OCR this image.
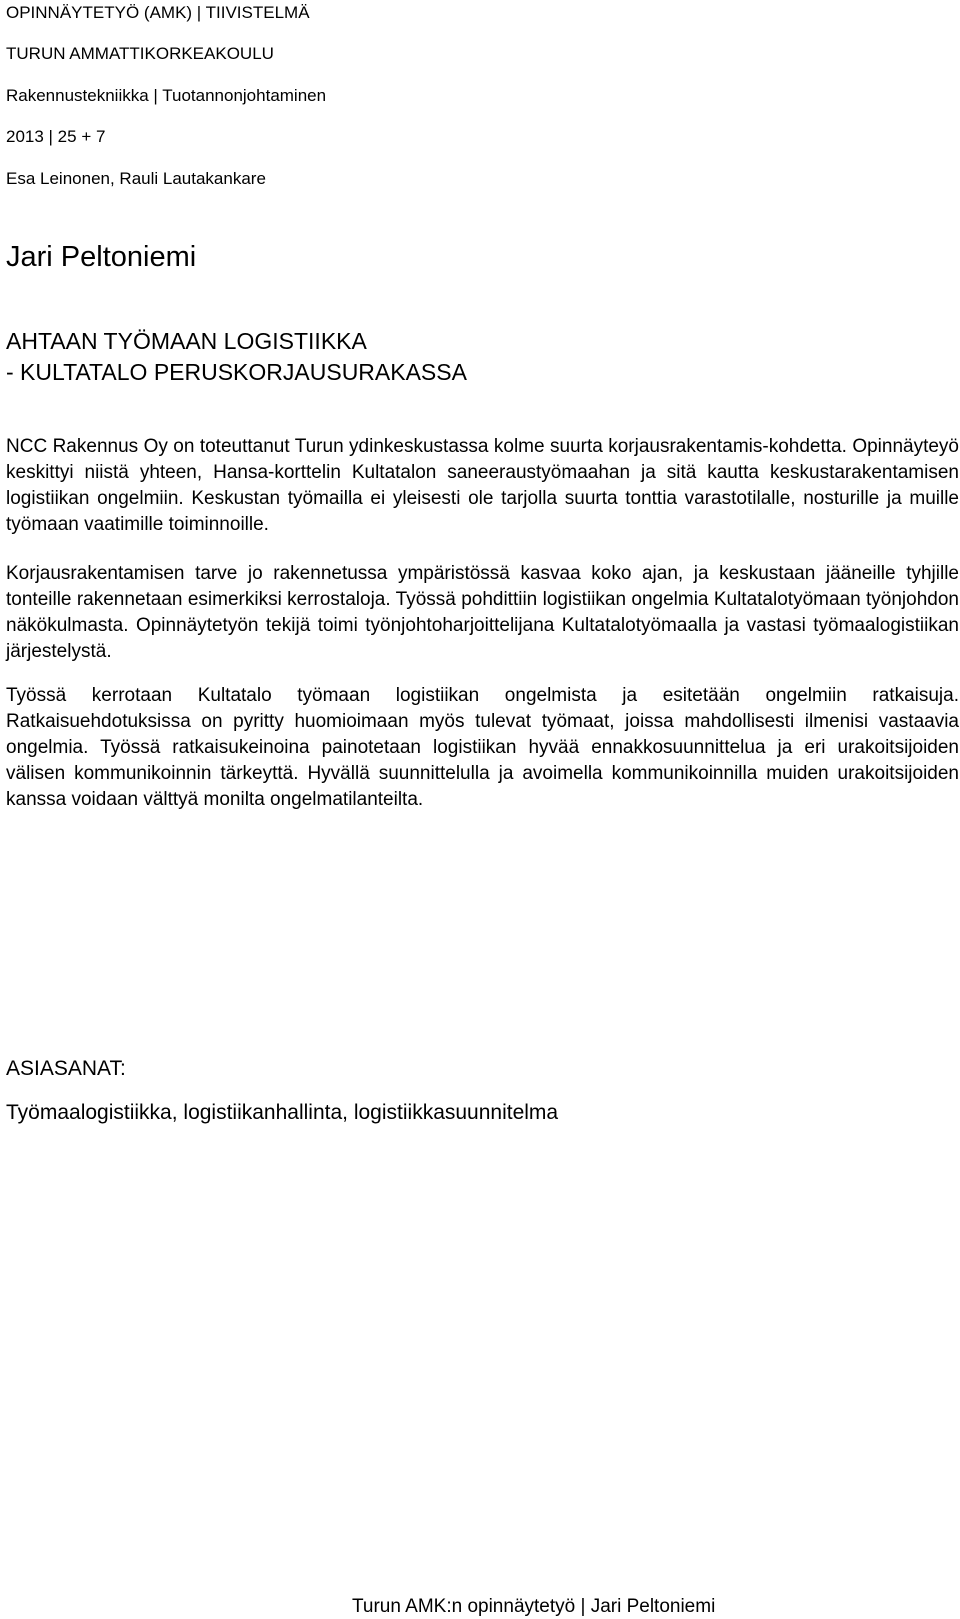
OPINNÄYTETYÖ (AMK) | TIIVISTELMÄ
TURUN AMMATTIKORKEAKOULU
Rakennustekniikka | Tuotannonjohtaminen
2013 | 25 + 7
Esa Leinonen, Rauli Lautakankare
Jari Peltoniemi
AHTAAN TYÖMAAN LOGISTIIKKA
- KULTATALO PERUSKORJAUSURAKASSA

NCC Rakennus Oy on toteuttanut Turun ydinkeskustassa kolme suurta korjausrakentamis-kohdetta. Opinnäyteyö keskittyi niistä yhteen, Hansa-korttelin Kultatalon saneeraustyömaahan ja sitä kautta keskustarakentamisen logistiikan ongelmiin. Keskustan työmailla ei yleisesti ole tarjolla suurta tonttia varastotilalle, nosturille ja muille työmaan vaatimille toiminnoille.

Korjausrakentamisen tarve jo rakennetussa ympäristössä kasvaa koko ajan, ja keskustaan jääneille tyhjille tonteille rakennetaan esimerkiksi kerrostaloja. Työssä pohdittiin logistiikan ongelmia Kultatalotyömaan työnjohdon näkökulmasta. Opinnäytetyön tekijä toimi työnjohtoharjoittelijana Kultatalotyömaalla ja vastasi työmaalogistiikan järjestelystä.

Työssä kerrotaan Kultatalo työmaan logistiikan ongelmista ja esitetään ongelmiin ratkaisuja. Ratkaisuehdotuksissa on pyritty huomioimaan myös tulevat työmaat, joissa mahdollisesti ilmenisi vastaavia ongelmia. Työssä ratkaisukeinoina painotetaan logistiikan hyvää ennakkosuunnittelua ja eri urakoitsijoiden välisen kommunikoinnin tärkeyttä. Hyvällä suunnittelulla ja avoimella kommunikoinnilla muiden urakoitsijoiden kanssa voidaan välttyä monilta ongelmatilanteilta.

ASIASANAT:
Työmaalogistiikka, logistiikanhallinta, logistiikkasuunnitelma
Turun AMK:n opinnäytetyö | Jari Peltoniemi
